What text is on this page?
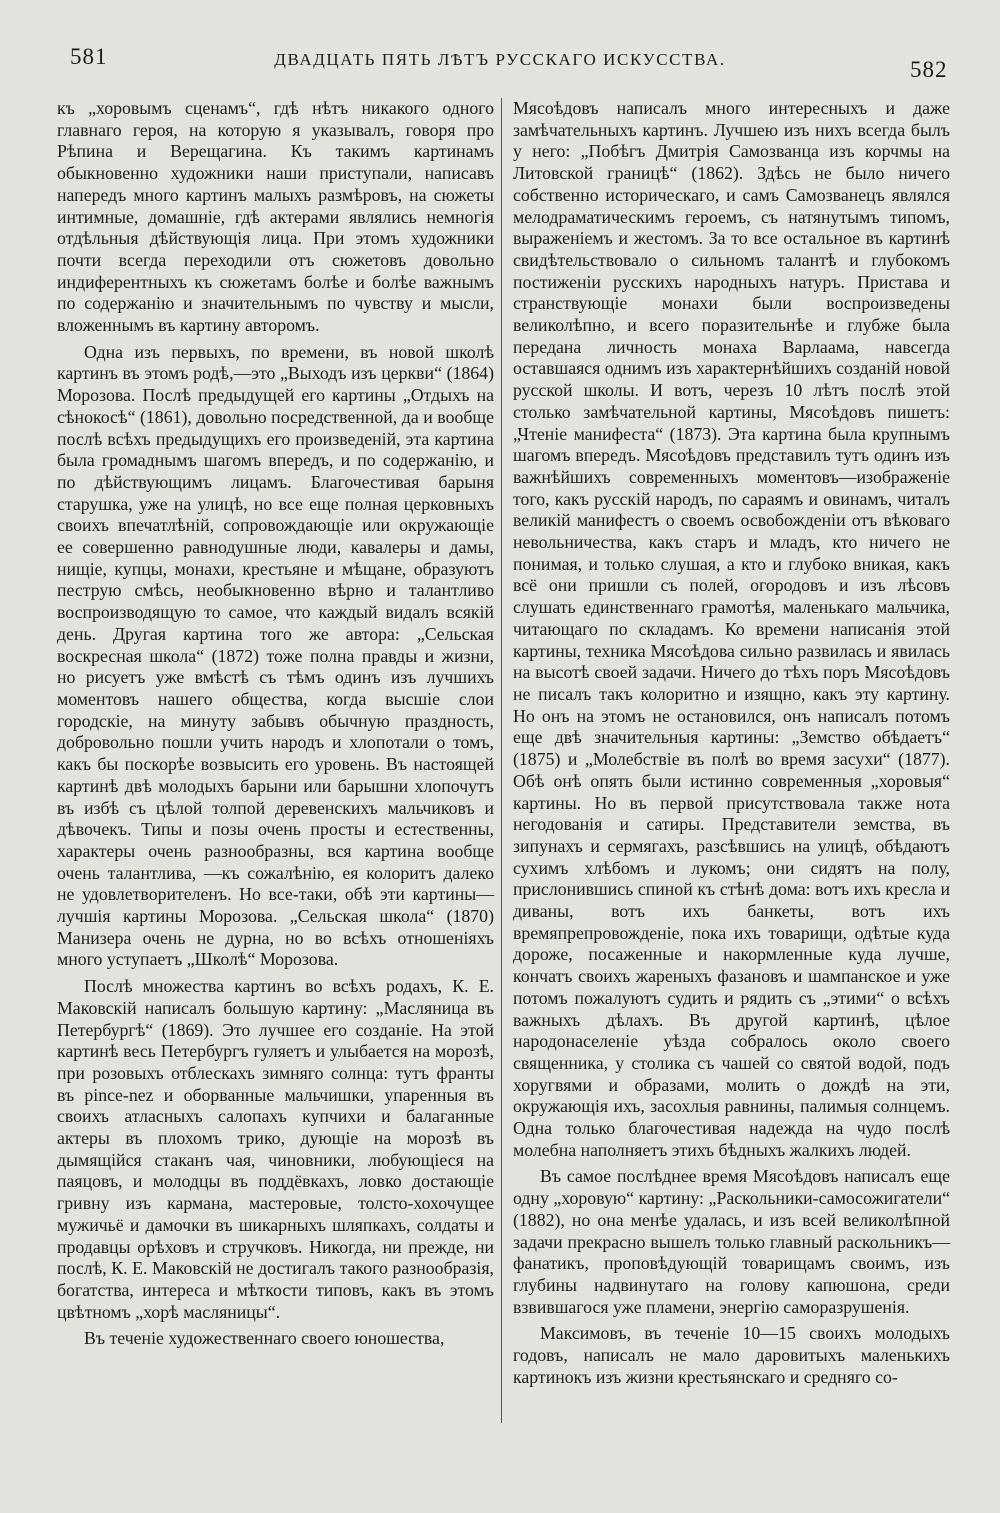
581	ДВАДЦАТЬ ПЯТЬ ЛѢТЪ РУССКАГО ИСКУССТВА.	582

къ „хоровымъ сценамъ“, гдѣ нѣтъ никакого одного главнаго героя, на которую я указывалъ, говоря про Рѣпина и Верещагина. Къ такимъ картинамъ обыкновенно художники наши приступали, написавъ напередъ много картинъ малыхъ размѣровъ, на сюжеты интимные, домашніе, гдѣ актерами являлись немногія отдѣльныя дѣйствующія лица. При этомъ художники почти всегда переходили отъ сюжетовъ довольно индиферентныхъ къ сюжетамъ болѣе и болѣе важнымъ по содержанію и значительнымъ по чувству и мысли, вложеннымъ въ картину авторомъ.

Одна изъ первыхъ, по времени, въ новой школѣ картинъ въ этомъ родѣ,—это „Выходъ изъ церкви“ (1864) Морозова. Послѣ предыдущей его картины „Отдыхъ на сѣнокосѣ“ (1861), довольно посредственной, да и вообще послѣ всѣхъ предыдущихъ его произведеній, эта картина была громаднымъ шагомъ впередъ, и по содержанію, и по дѣйствующимъ лицамъ. Благочестивая барыня старушка, уже на улицѣ, но все еще полная церковныхъ своихъ впечатлѣній, сопровождающіе или окружающіе ее совершенно равнодушные люди, кавалеры и дамы, нищіе, купцы, монахи, крестьяне и мѣщане, образуютъ пеструю смѣсь, необыкновенно вѣрно и талантливо воспроизводящую то самое, что каждый видалъ всякій день. Другая картина того же автора: „Сельская воскресная школа“ (1872) тоже полна правды и жизни, но рисуетъ уже вмѣстѣ съ тѣмъ одинъ изъ лучшихъ моментовъ нашего общества, когда высшіе слои городскіе, на минуту забывъ обычную праздность, добровольно пошли учить народъ и хлопотали о томъ, какъ бы поскорѣе возвысить его уровень. Въ настоящей картинѣ двѣ молодыхъ барыни или барышни хлопочутъ въ избѣ съ цѣлой толпой деревенскихъ мальчиковъ и дѣвочекъ. Типы и позы очень просты и естественны, характеры очень разнообразны, вся картина вообще очень талантлива, —къ сожалѣнію, ея колоритъ далеко не удовлетворителенъ. Но все-таки, обѣ эти картины—лучшія картины Морозова. „Сельская школа“ (1870) Манизера очень не дурна, но во всѣхъ отношеніяхъ много уступаетъ „Школѣ“ Морозова.

Послѣ множества картинъ во всѣхъ родахъ, К. Е. Маковскій написалъ большую картину: „Масляница въ Петербургѣ“ (1869). Это лучшее его созданіе. На этой картинѣ весь Петербургъ гуляетъ и улыбается на морозѣ, при розовыхъ отблескахъ зимняго солнца: тутъ франты въ pince-nez и оборванные мальчишки, упаренныя въ своихъ атласныхъ салопахъ купчихи и балаганные актеры въ плохомъ трико, дующіе на морозѣ въ дымящійся стаканъ чая, чиновники, любующіеся на паяцовъ, и молодцы въ поддёвкахъ, ловко достающіе гривну изъ кармана, мастеровые, толсто-хохочущее мужичьё и дамочки въ шикарныхъ шляпкахъ, солдаты и продавцы орѣховъ и стручковъ. Никогда, ни прежде, ни послѣ, К. Е. Маковскій не достигалъ такого разнообразія, богатства, интереса и мѣткости типовъ, какъ въ этомъ цвѣтномъ „хорѣ масляницы“.

Въ теченіе художественнаго своего юношества,

Мясоѣдовъ написалъ много интересныхъ и даже замѣчательныхъ картинъ. Лучшею изъ нихъ всегда былъ у него: „Побѣгъ Дмитрія Самозванца изъ корчмы на Литовской границѣ“ (1862). Здѣсь не было ничего собственно историческаго, и самъ Самозванецъ являлся мелодраматическимъ героемъ, съ натянутымъ типомъ, выраженіемъ и жестомъ. За то все остальное въ картинѣ свидѣтельствовало о сильномъ талантѣ и глубокомъ постиженіи русскихъ народныхъ натуръ. Пристава и странствующіе монахи были воспроизведены великолѣпно, и всего поразительнѣе и глубже была передана личность монаха Варлаама, навсегда оставшаяся однимъ изъ характернѣйшихъ созданій новой русской школы. И вотъ, черезъ 10 лѣтъ послѣ этой столько замѣчательной картины, Мясоѣдовъ пишетъ: „Чтеніе манифеста“ (1873). Эта картина была крупнымъ шагомъ впередъ. Мясоѣдовъ представилъ тутъ одинъ изъ важнѣйшихъ современныхъ моментовъ—изображеніе того, какъ русскій народъ, по сараямъ и овинамъ, читалъ великій манифестъ о своемъ освобожденіи отъ вѣковаго невольничества, какъ старъ и младъ, кто ничего не понимая, и только слушая, а кто и глубоко вникая, какъ всё они пришли съ полей, огородовъ и изъ лѣсовъ слушать единственнаго грамотѣя, маленькаго мальчика, читающаго по складамъ. Ко времени написанія этой картины, техника Мясоѣдова сильно развилась и явилась на высотѣ своей задачи. Ничего до тѣхъ поръ Мясоѣдовъ не писалъ такъ колоритно и изящно, какъ эту картину. Но онъ на этомъ не остановился, онъ написалъ потомъ еще двѣ значительныя картины: „Земство обѣдаетъ“ (1875) и „Молебствіе въ полѣ во время засухи“ (1877). Обѣ онѣ опять были истинно современныя „хоровыя“ картины. Но въ первой присутствовала также нота негодованія и сатиры. Представители земства, въ зипунахъ и сермягахъ, разсѣвшись на улицѣ, обѣдаютъ сухимъ хлѣбомъ и лукомъ; они сидятъ на полу, прислонившись спиной къ стѣнѣ дома: вотъ ихъ кресла и диваны, вотъ ихъ банкеты, вотъ ихъ времяпрепровожденіе, пока ихъ товарищи, одѣтые куда дороже, посаженные и накормленные куда лучше, кончатъ своихъ жареныхъ фазановъ и шампанское и уже потомъ пожалуютъ судить и рядить съ „этими“ о всѣхъ важныхъ дѣлахъ. Въ другой картинѣ, цѣлое народонаселеніе уѣзда собралось около своего священника, у столика съ чашей со святой водой, подъ хоругвями и образами, молить о дождѣ на эти, окружающія ихъ, засохлыя равнины, палимыя солнцемъ. Одна только благочестивая надежда на чудо послѣ молебна наполняетъ этихъ бѣдныхъ жалкихъ людей.

Въ самое послѣднее время Мясоѣдовъ написалъ еще одну „хоровую“ картину: „Раскольники-самосожигатели“ (1882), но она менѣе удалась, и изъ всей великолѣпной задачи прекрасно вышелъ только главный раскольникъ—фанатикъ, проповѣдующій товарищамъ своимъ, изъ глубины надвинутаго на голову капюшона, среди взвившагося уже пламени, энергію саморазрушенія.

Максимовъ, въ теченіе 10—15 своихъ молодыхъ годовъ, написалъ не мало даровитыхъ маленькихъ картинокъ изъ жизни крестьянскаго и средняго со-
